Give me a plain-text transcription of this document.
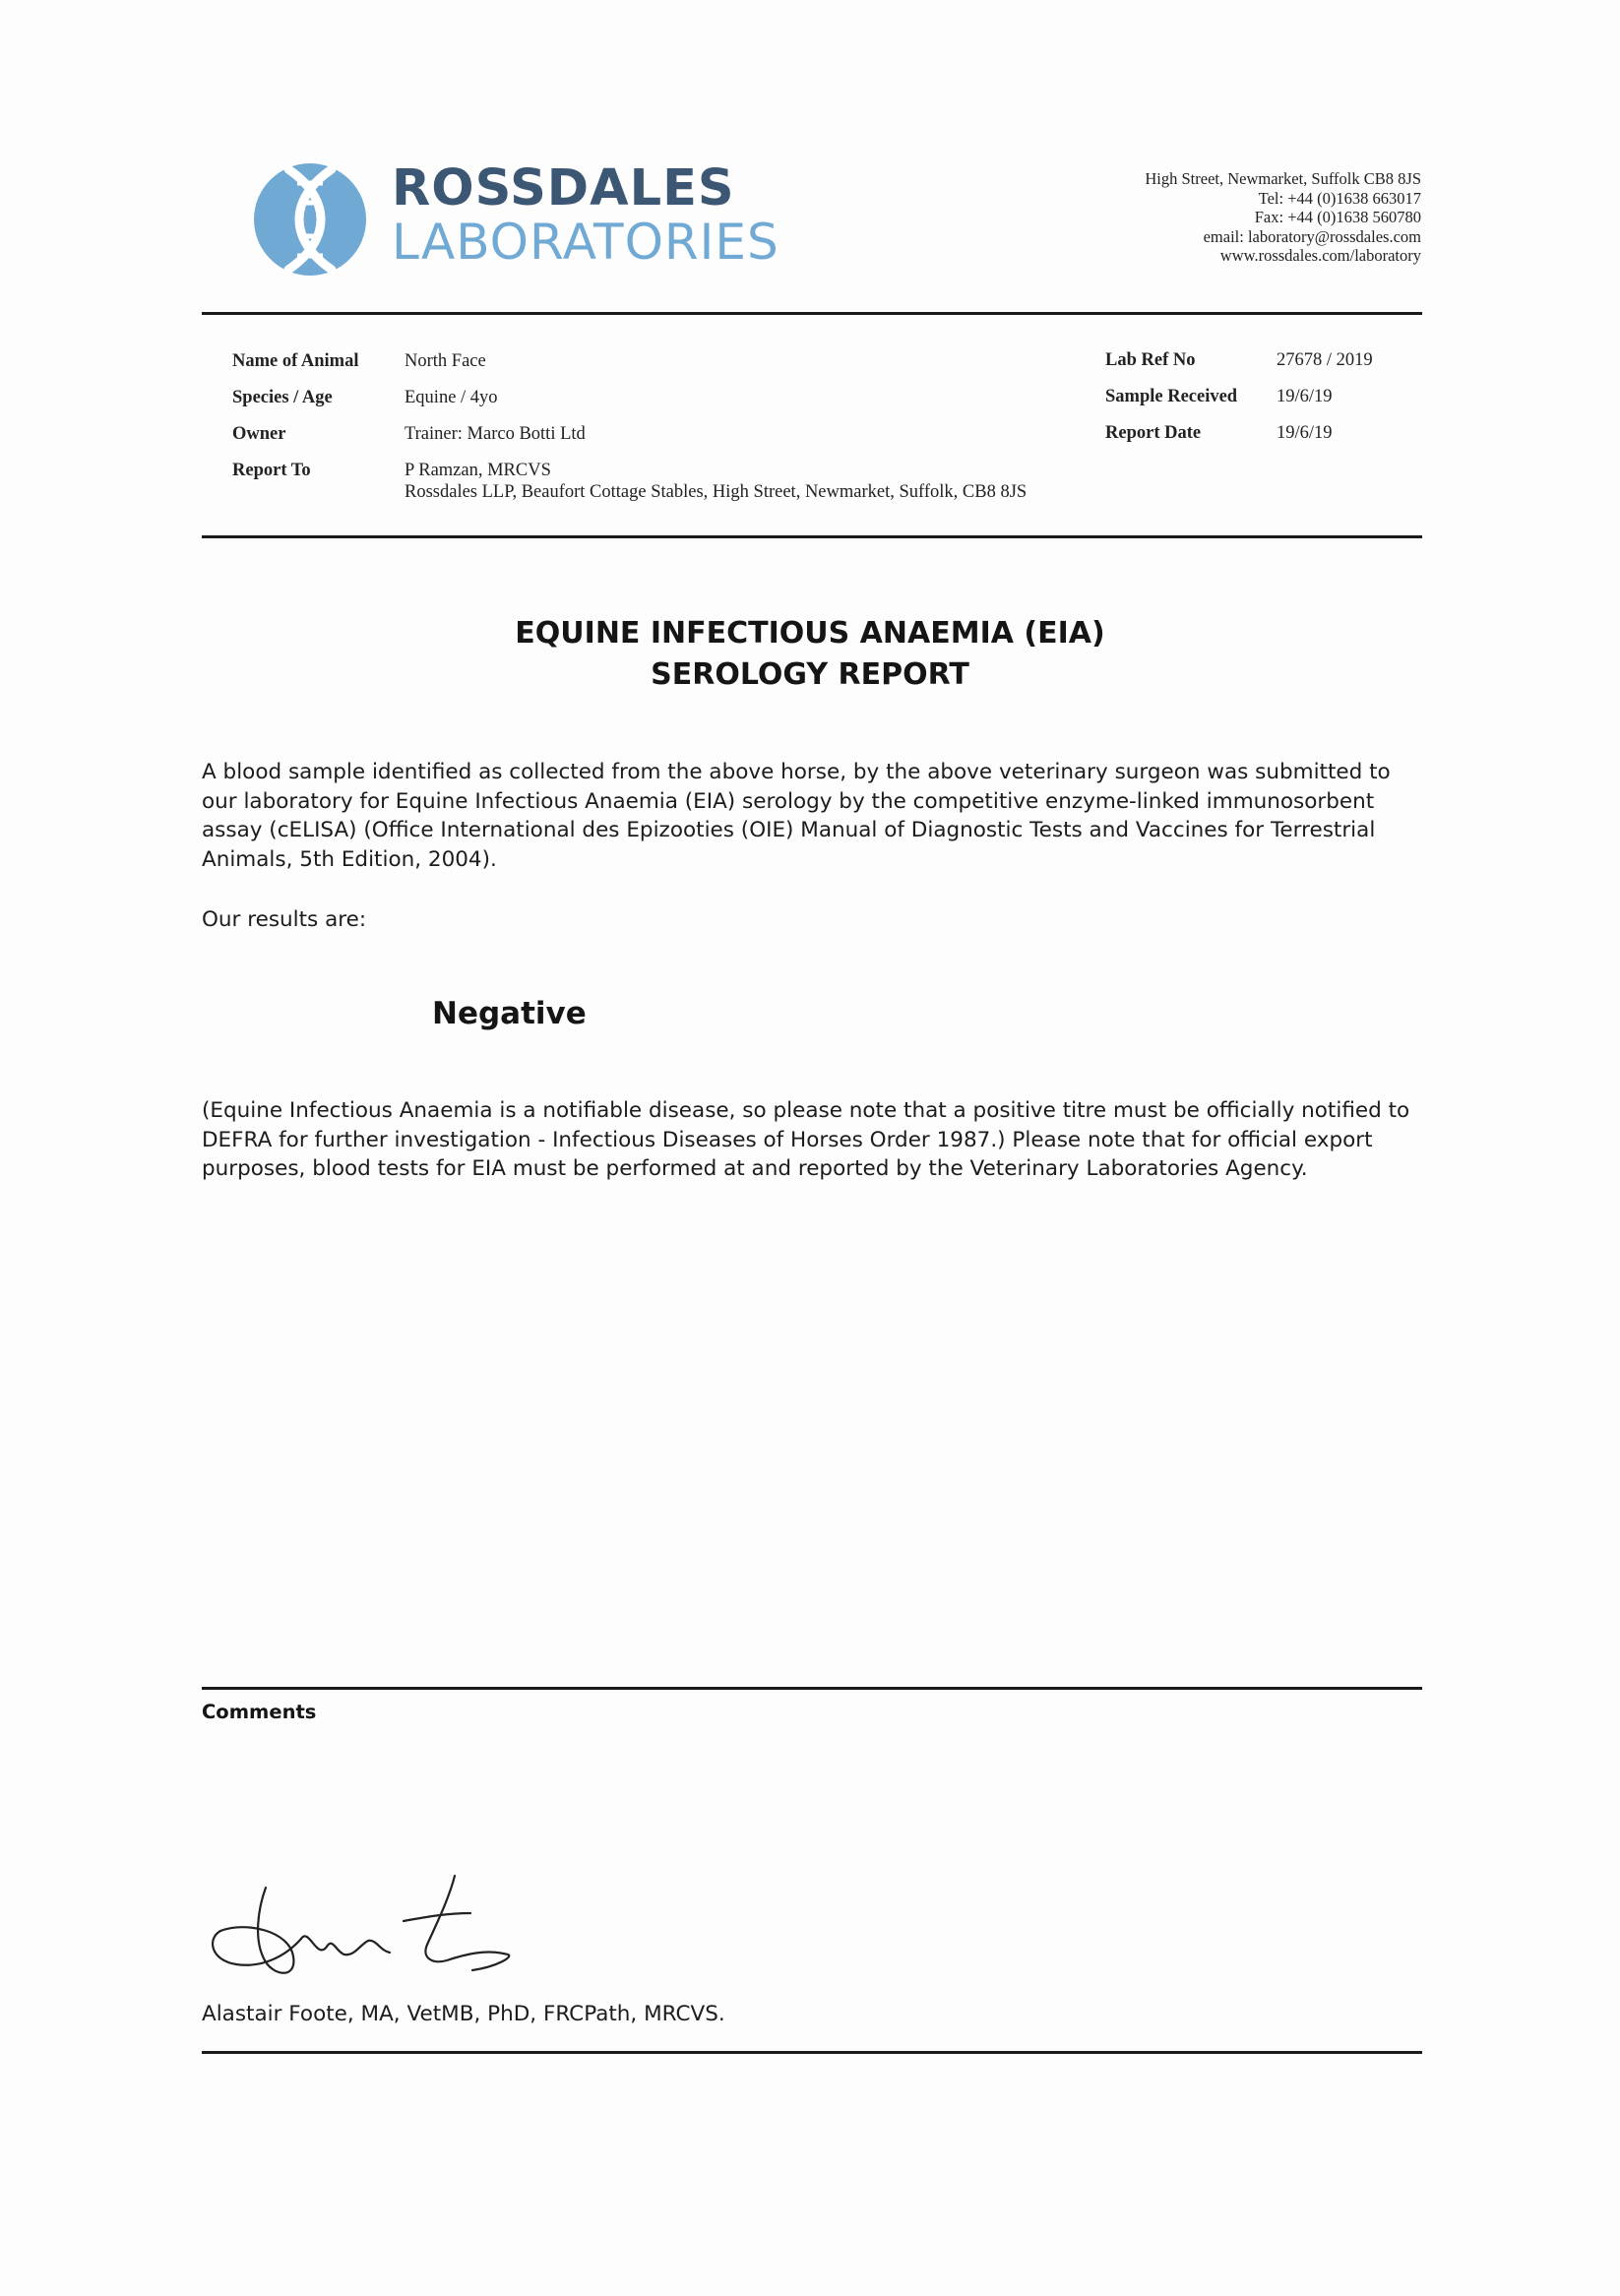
ROSSDALES
LABORATORIES
High Street, Newmarket, Suffolk CB8 8JS
Tel: +44 (0)1638 663017
Fax: +44 (0)1638 560780
email: laboratory@rossdales.com
www.rossdales.com/laboratory
Name of Animal	North Face
Species / Age	Equine / 4yo
Owner	Trainer: Marco Botti Ltd
Report To	P Ramzan, MRCVS
Rossdales LLP, Beaufort Cottage Stables, High Street, Newmarket, Suffolk, CB8 8JS
Lab Ref No	27678 / 2019
Sample Received 19/6/19
Report Date	19/6/19
EQUINE INFECTIOUS ANAEMIA (EIA)
SEROLOGY REPORT

A blood sample identified as collected from the above horse, by the above veterinary surgeon was submitted to our laboratory for Equine Infectious Anaemia (EIA) serology by the competitive enzyme-linked immunosorbent assay (cELISA) (Office International des Epizooties (OIE) Manual of Diagnostic Tests and Vaccines for Terrestrial Animals, 5th Edition, 2004).

Our results are:

Negative

(Equine Infectious Anaemia is a notifiable disease, so please note that a positive titre must be officially notified to DEFRA for further investigation - Infectious Diseases of Horses Order 1987.) Please note that for official export purposes, blood tests for EIA must be performed at and reported by the Veterinary Laboratories Agency.

Comments
Alastair Foote, MA, VetMB, PhD, FRCPath, MRCVS.
